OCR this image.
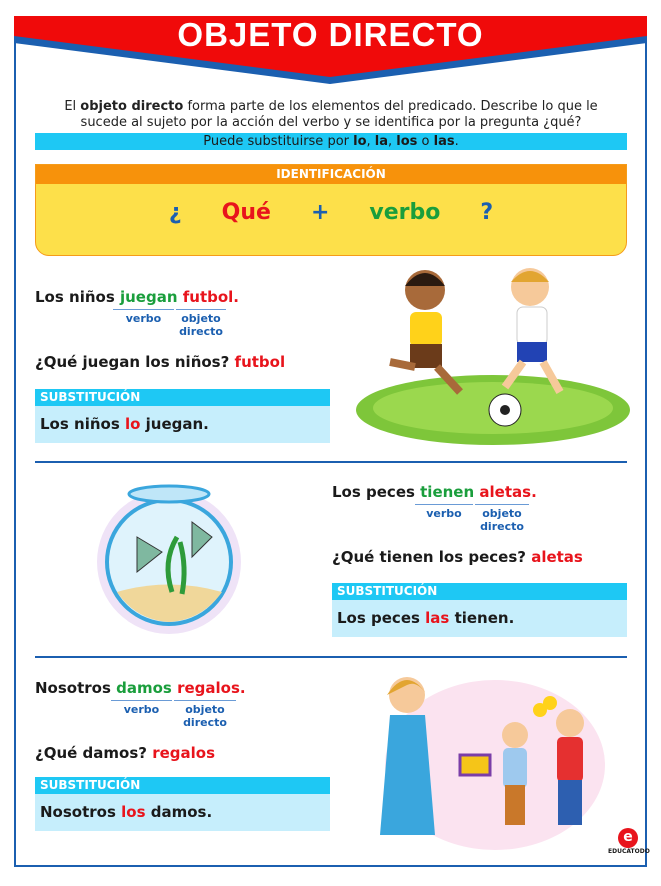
OBJETO DIRECTO
El objeto directo forma parte de los elementos del predicado. Describe lo que le sucede al sujeto por la acción del verbo y se identifica por la pregunta ¿qué?
Puede substituirse por lo, la, los o las.
IDENTIFICACIÓN
¿ Qué + verbo ?
Los niños juegan futbol.
verbo	objeto
directo
¿Qué juegan los niños? futbol
SUBSTITUCIÓN
Los niños lo juegan.
Los peces tienen aletas.
verbo	objeto
directo
¿Qué tienen los peces? aletas
SUBSTITUCIÓN
Los peces las tienen.
Nosotros damos regalos.
verbo	objeto
directo
¿Qué damos? regalos
SUBSTITUCIÓN
Nosotros los damos.
e
EDUCATODO
